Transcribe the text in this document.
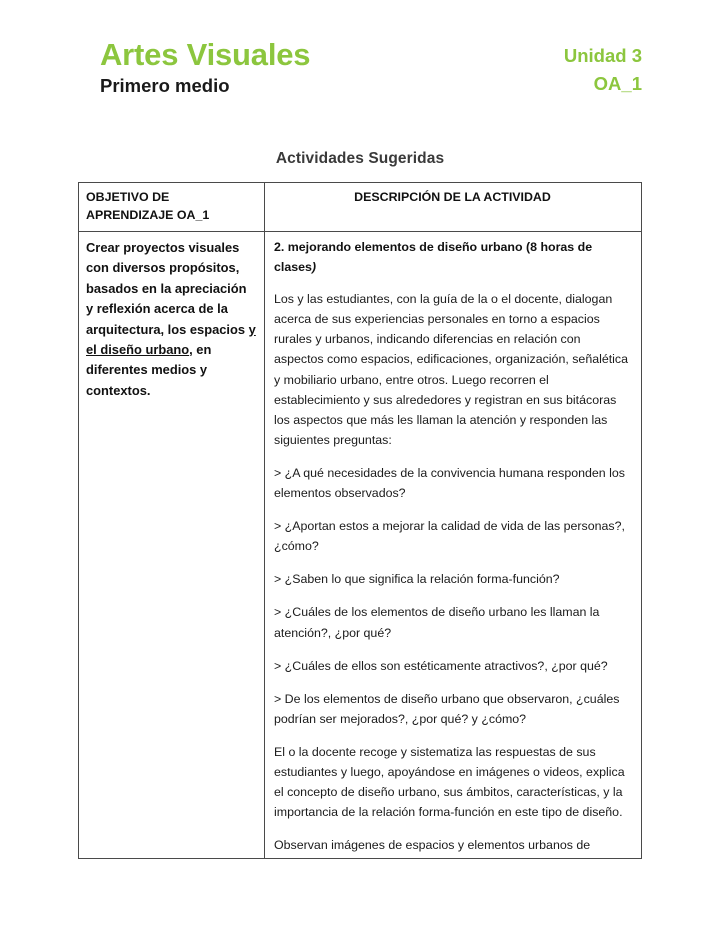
Artes Visuales
Primero medio
Unidad 3
OA_1
Actividades Sugeridas
OBJETIVO DE APRENDIZAJE OA_1
DESCRIPCIÓN DE LA ACTIVIDAD

Crear proyectos visuales con diversos propósitos, basados en la apreciación y reflexión acerca de la arquitectura, los espacios y el diseño urbano, en diferentes medios y contextos.

2. mejorando elementos de diseño urbano (8 horas de clases)

Los y las estudiantes, con la guía de la o el docente, dialogan acerca de sus experiencias personales en torno a espacios rurales y urbanos, indicando diferencias en relación con aspectos como espacios, edificaciones, organización, señalética y mobiliario urbano, entre otros. Luego recorren el establecimiento y sus alrededores y registran en sus bitácoras los aspectos que más les llaman la atención y responden las siguientes preguntas:

> ¿A qué necesidades de la convivencia humana responden los elementos observados?

> ¿Aportan estos a mejorar la calidad de vida de las personas?, ¿cómo?

> ¿Saben lo que significa la relación forma-función?

> ¿Cuáles de los elementos de diseño urbano les llaman la atención?, ¿por qué?

> ¿Cuáles de ellos son estéticamente atractivos?, ¿por qué?

> De los elementos de diseño urbano que observaron, ¿cuáles podrían ser mejorados?, ¿por qué? y ¿cómo?

El o la docente recoge y sistematiza las respuestas de sus estudiantes y luego, apoyándose en imágenes o videos, explica el concepto de diseño urbano, sus ámbitos, características, y la importancia de la relación forma-función en este tipo de diseño.

Observan imágenes de espacios y elementos urbanos de
